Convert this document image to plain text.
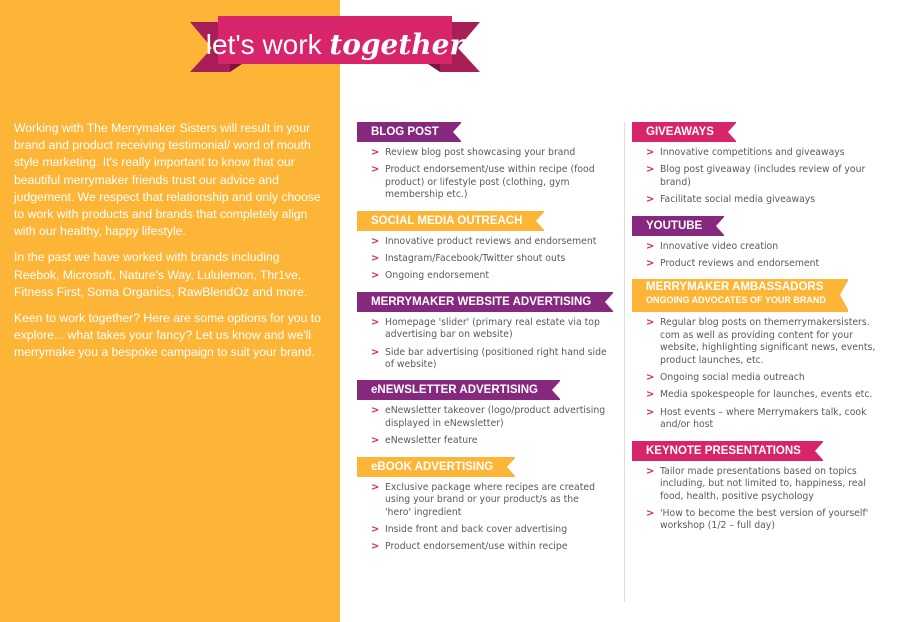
Working with The Merrymaker Sisters will result in your brand and product receiving testimonial/ word of mouth style marketing. It's really important to know that our beautiful merrymaker friends trust our advice and judgement. We respect that relationship and only choose to work with products and brands that completely align with our healthy, happy lifestyle.

In the past we have worked with brands including Reebok, Microsoft, Nature's Way, Lululemon, Thr1ve, Fitness First, Soma Organics, RawBlendOz and more.

Keen to work together? Here are some options for you to explore... what takes your fancy? Let us know and we'll merrymake you a bespoke campaign to suit your brand.

let's work together
BLOG POST
> Review blog post showcasing your brand
> Product endorsement/use within recipe (food product) or lifestyle post (clothing, gym membership etc.)
SOCIAL MEDIA OUTREACH
> Innovative product reviews and endorsement
> Instagram/Facebook/Twitter shout outs
> Ongoing endorsement
MERRYMAKER WEBSITE ADVERTISING
> Homepage 'slider' (primary real estate via top advertising bar on website)
> Side bar advertising (positioned right hand side of website)
eNEWSLETTER ADVERTISING
> eNewsletter takeover (logo/product advertising displayed in eNewsletter)
> eNewsletter feature
eBOOK ADVERTISING
> Exclusive package where recipes are created using your brand or your product/s as the 'hero' ingredient
> Inside front and back cover advertising
> Product endorsement/use within recipe
GIVEAWAYS
> Innovative competitions and giveaways
> Blog post giveaway (includes review of your brand)
> Facilitate social media giveaways
YOUTUBE
> Innovative video creation
> Product reviews and endorsement
MERRYMAKER AMBASSADORS
ONGOING ADVOCATES OF YOUR BRAND
> Regular blog posts on themerrymakersisters. com as well as providing content for your website, highlighting significant news, events, product launches, etc.
> Ongoing social media outreach
> Media spokespeople for launches, events etc.
> Host events – where Merrymakers talk, cook and/or host
KEYNOTE PRESENTATIONS
> Tailor made presentations based on topics including, but not limited to, happiness, real food, health, positive psychology
> 'How to become the best version of yourself' workshop (1/2 – full day)
